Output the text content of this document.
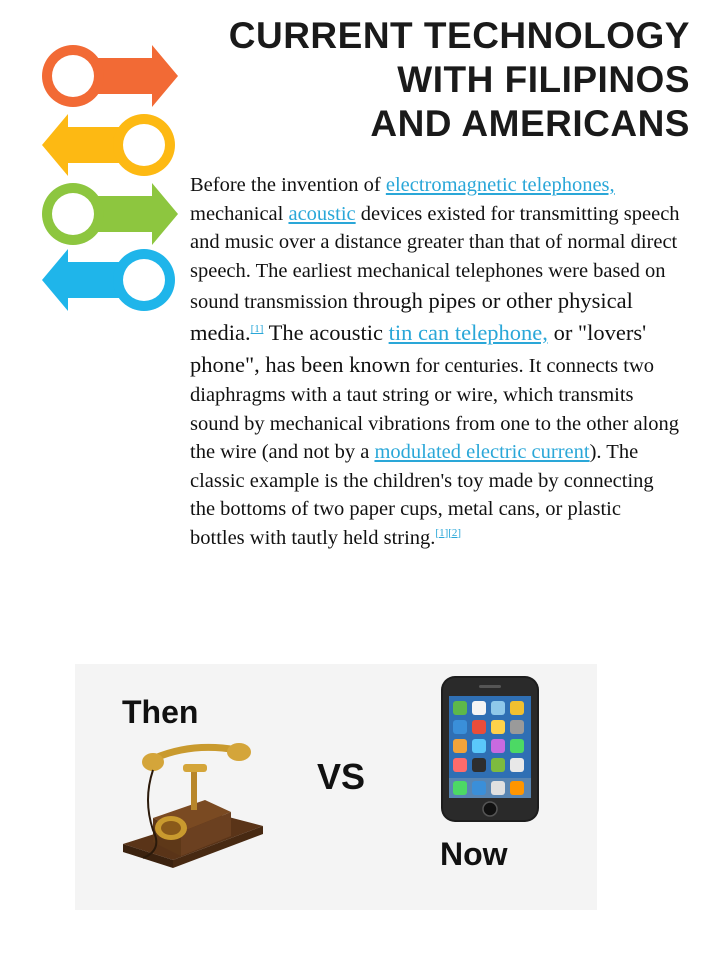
CURRENT TECHNOLOGY
WITH FILIPINOS
AND AMERICANS
Before the invention of electromagnetic telephones, mechanical acoustic devices existed for transmitting speech and music over a distance greater than that of normal direct speech. The earliest mechanical telephones were based on sound transmission through pipes or other physical media.[1] The acoustic tin can telephone, or "lovers' phone", has been known for centuries. It connects two diaphragms with a taut string or wire, which transmits sound by mechanical vibrations from one to the other along the wire (and not by a modulated electric current). The classic example is the children's toy made by connecting the bottoms of two paper cups, metal cans, or plastic bottles with tautly held string.[1][2]
Then
VS
Now
